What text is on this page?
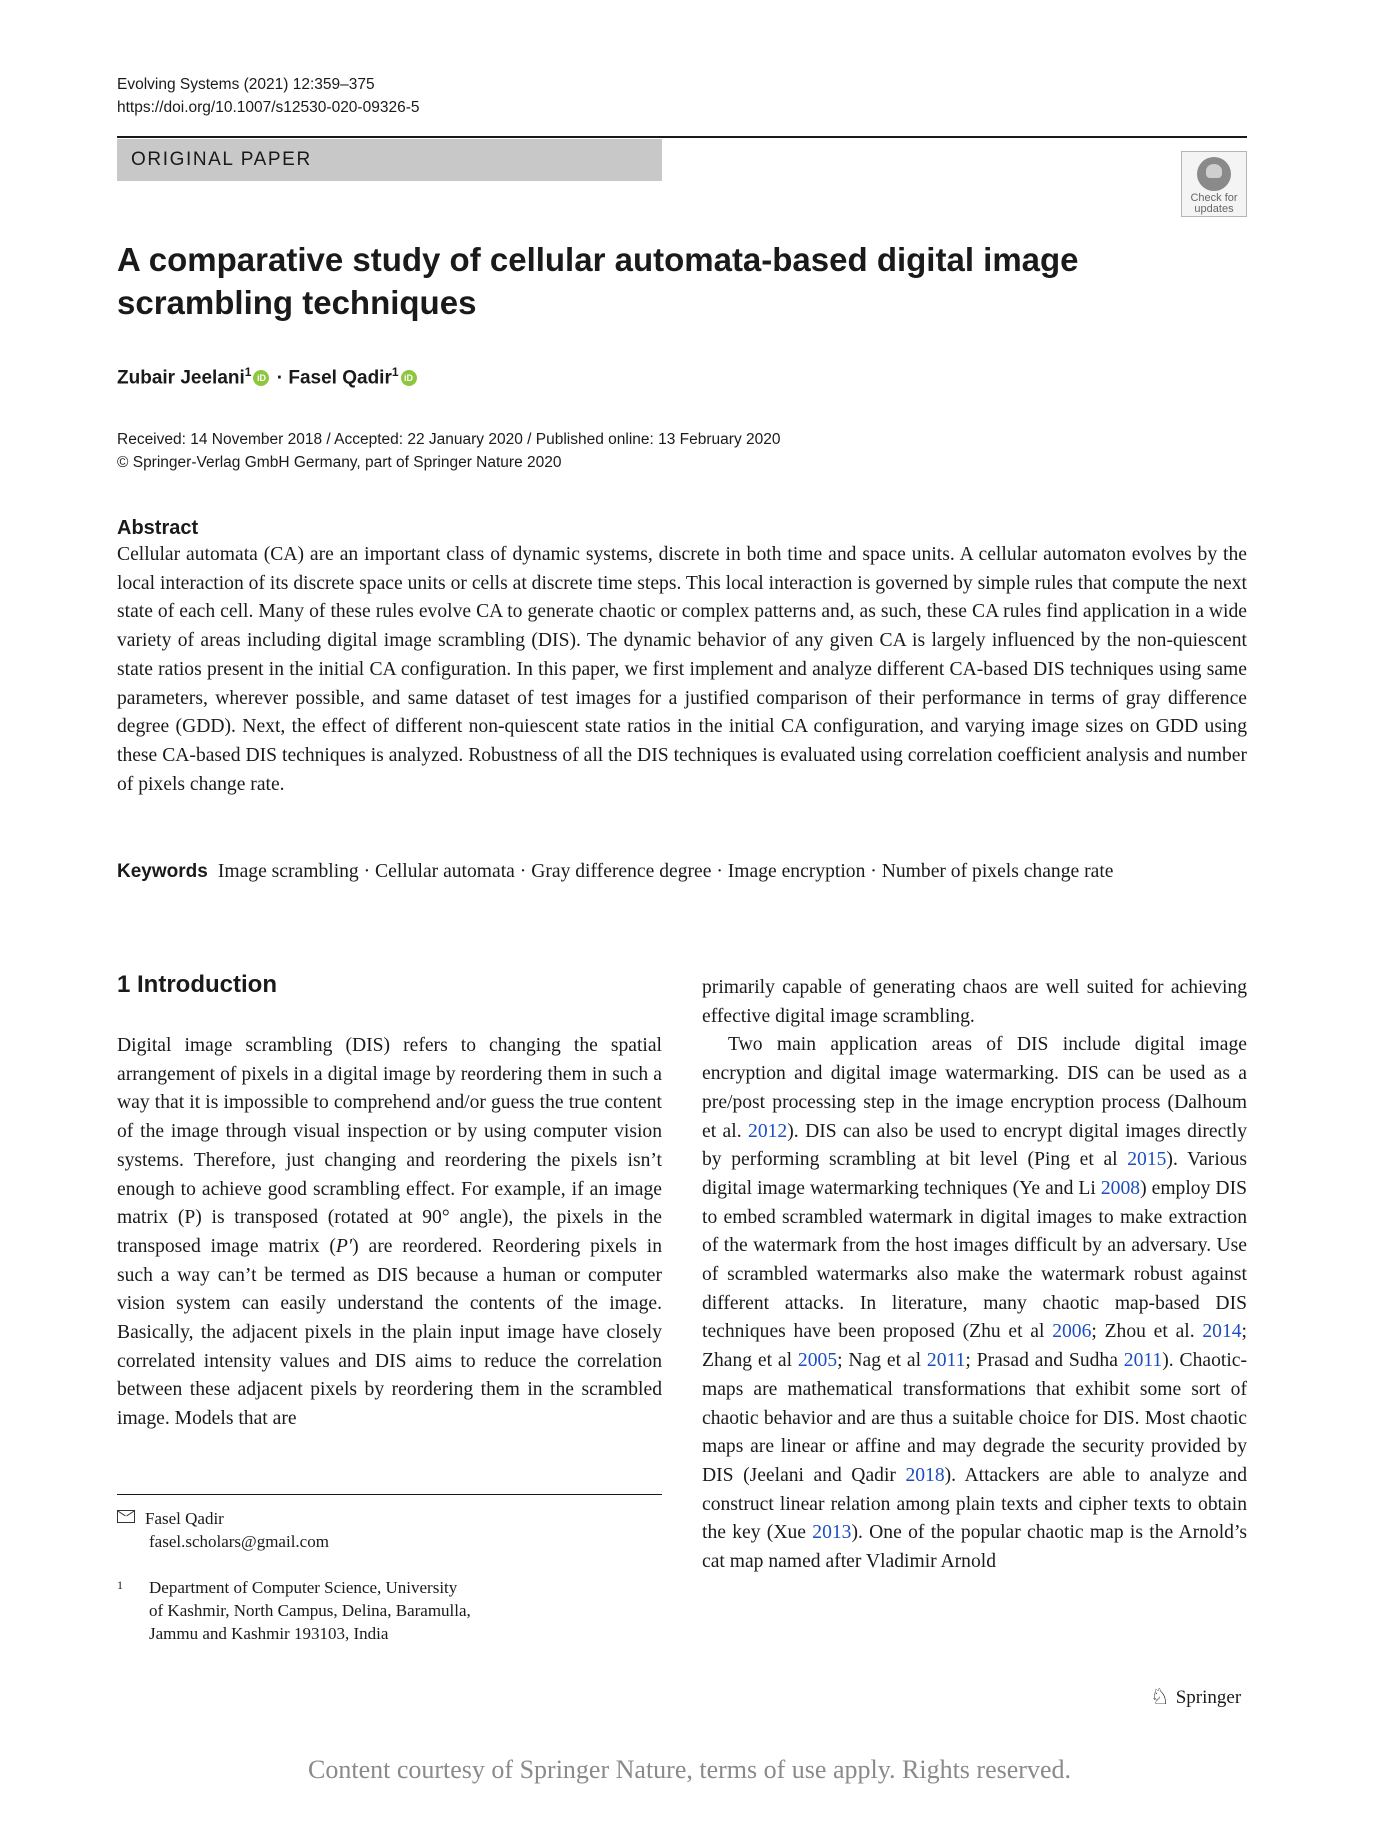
Evolving Systems (2021) 12:359–375
https://doi.org/10.1007/s12530-020-09326-5
ORIGINAL PAPER
Check for
updates
A comparative study of cellular automata-based digital image
scrambling techniques
Zubair Jeelani$^1$ iD · Fasel Qadir$^1$ iD
Received: 14 November 2018 / Accepted: 22 January 2020 / Published online: 13 February 2020
© Springer-Verlag GmbH Germany, part of Springer Nature 2020
Abstract

Cellular automata (CA) are an important class of dynamic systems, discrete in both time and space units. A cellular automaton evolves by the local interaction of its discrete space units or cells at discrete time steps. This local interaction is governed by simple rules that compute the next state of each cell. Many of these rules evolve CA to generate chaotic or complex patterns and, as such, these CA rules find application in a wide variety of areas including digital image scrambling (DIS). The dynamic behavior of any given CA is largely influenced by the non-quiescent state ratios present in the initial CA configuration. In this paper, we first implement and analyze different CA-based DIS techniques using same parameters, wherever possible, and same dataset of test images for a justified comparison of their performance in terms of gray difference degree (GDD). Next, the effect of different non-quiescent state ratios in the initial CA configuration, and varying image sizes on GDD using these CA-based DIS techniques is analyzed. Robustness of all the DIS techniques is evaluated using correlation coefficient analysis and number of pixels change rate.

Keywords Image scrambling · Cellular automata · Gray difference degree · Image encryption · Number of pixels change rate

1 Introduction

Digital image scrambling (DIS) refers to changing the spatial arrangement of pixels in a digital image by reordering them in such a way that it is impossible to comprehend and/or guess the true content of the image through visual inspection or by using computer vision systems. Therefore, just changing and reordering the pixels isn’t enough to achieve good scrambling effect. For example, if an image matrix (P) is transposed (rotated at 90° angle), the pixels in the transposed image matrix (P′) are reordered. Reordering pixels in such a way can’t be termed as DIS because a human or computer vision system can easily understand the contents of the image. Basically, the adjacent pixels in the plain input image have closely correlated intensity values and DIS aims to reduce the correlation between these adjacent pixels by reordering them in the scrambled image. Models that are

primarily capable of generating chaos are well suited for achieving effective digital image scrambling.

Two main application areas of DIS include digital image encryption and digital image watermarking. DIS can be used as a pre/post processing step in the image encryption process (Dalhoum et al. 2012). DIS can also be used to encrypt digital images directly by performing scrambling at bit level (Ping et al 2015). Various digital image watermarking techniques (Ye and Li 2008) employ DIS to embed scrambled watermark in digital images to make extraction of the watermark from the host images difficult by an adversary. Use of scrambled watermarks also make the watermark robust against different attacks. In literature, many chaotic map-based DIS techniques have been proposed (Zhu et al 2006; Zhou et al. 2014; Zhang et al 2005; Nag et al 2011; Prasad and Sudha 2011). Chaotic-maps are mathematical transformations that exhibit some sort of chaotic behavior and are thus a suitable choice for DIS. Most chaotic maps are linear or affine and may degrade the security provided by DIS (Jeelani and Qadir 2018). Attackers are able to analyze and construct linear relation among plain texts and cipher texts to obtain the key (Xue 2013). One of the popular chaotic map is the Arnold’s cat map named after Vladimir Arnold

Fasel Qadir
fasel.scholars@gmail.com
1	Department of Computer Science, University
of Kashmir, North Campus, Delina, Baramulla,
Jammu and Kashmir 193103, India
♘ Springer
Content courtesy of Springer Nature, terms of use apply. Rights reserved.
